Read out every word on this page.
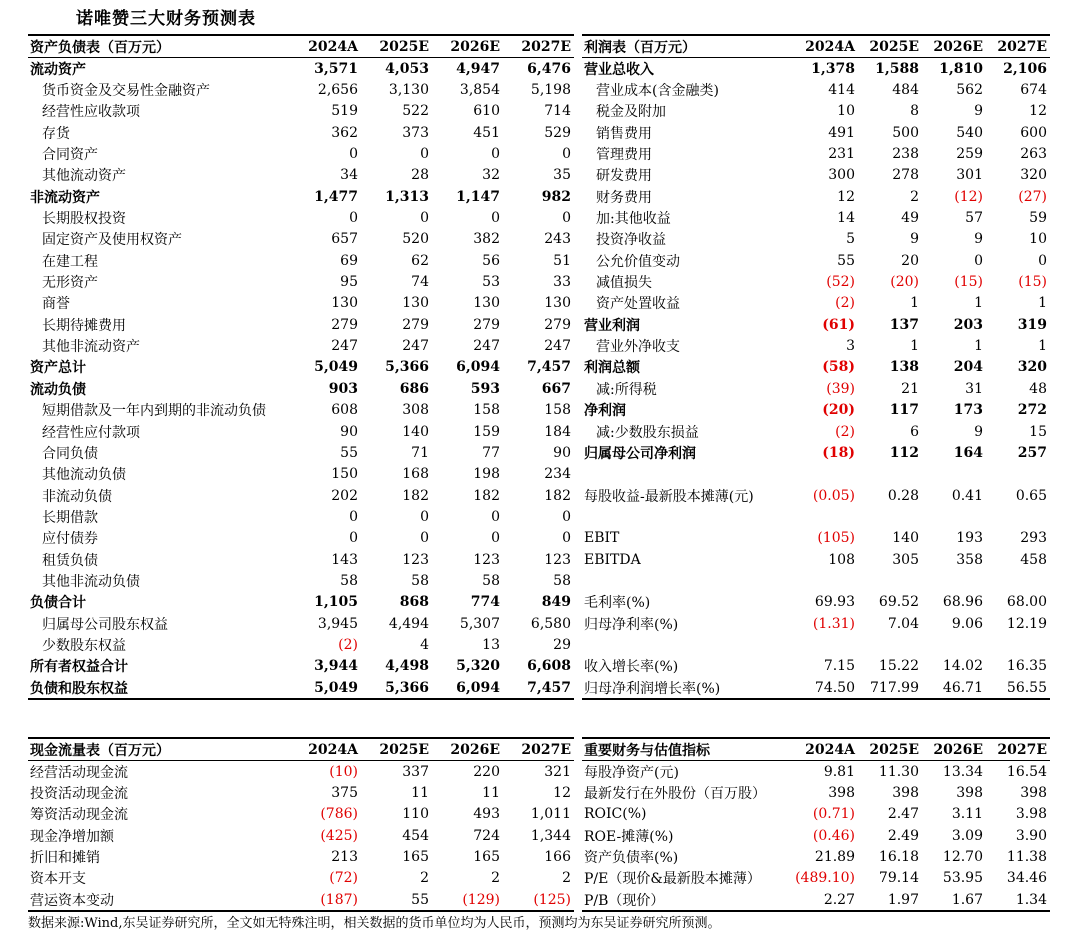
诺唯赞三大财务预测表
资产负债表（百万元）	2024A	2025E	2026E	2027E
流动资产	3,571	4,053	4,947	6,476
货币资金及交易性金融资产	2,656	3,130	3,854	5,198
经营性应收款项	519	522	610	714
存货	362	373	451	529
合同资产	0	0	0	0
其他流动资产	34	28	32	35
非流动资产	1,477	1,313	1,147	982
长期股权投资	0	0	0	0
固定资产及使用权资产	657	520	382	243
在建工程	69	62	56	51
无形资产	95	74	53	33
商誉	130	130	130	130
长期待摊费用	279	279	279	279
其他非流动资产	247	247	247	247
资产总计	5,049	5,366	6,094	7,457
流动负债	903	686	593	667
短期借款及一年内到期的非流动负债	608	308	158	158
经营性应付款项	90	140	159	184
合同负债	55	71	77	90
其他流动负债	150	168	198	234
非流动负债	202	182	182	182
长期借款	0	0	0	0
应付债券	0	0	0	0
租赁负债	143	123	123	123
其他非流动负债	58	58	58	58
负债合计	1,105	868	774	849
归属母公司股东权益	3,945	4,494	5,307	6,580
少数股东权益	(2)	4	13	29
所有者权益合计	3,944	4,498	5,320	6,608
负债和股东权益	5,049	5,366	6,094	7,457
利润表（百万元）	2024A	2025E	2026E	2027E
营业总收入	1,378	1,588	1,810	2,106
营业成本(含金融类)	414	484	562	674
税金及附加	10	8	9	12
销售费用	491	500	540	600
管理费用	231	238	259	263
研发费用	300	278	301	320
财务费用	12	2	(12)	(27)
加:其他收益	14	49	57	59
投资净收益	5	9	9	10
公允价值变动	55	20	0	0
减值损失	(52)	(20)	(15)	(15)
资产处置收益	(2)	1	1	1
营业利润	(61)	137	203	319
营业外净收支	3	1	1	1
利润总额	(58)	138	204	320
减:所得税	(39)	21	31	48
净利润	(20)	117	173	272
减:少数股东损益	(2)	6	9	15
归属母公司净利润	(18)	112	164	257

每股收益-最新股本摊薄(元)	(0.05)	0.28	0.41	0.65

EBIT	(105)	140	193	293
EBITDA	108	305	358	458

毛利率(%)	69.93	69.52	68.96	68.00
归母净利率(%)	(1.31)	7.04	9.06	12.19

收入增长率(%)	7.15	15.22	14.02	16.35
归母净利润增长率(%)	74.50	717.99	46.71	56.55
现金流量表（百万元）	2024A	2025E	2026E	2027E
经营活动现金流	(10)	337	220	321
投资活动现金流	375	11	11	12
筹资活动现金流	(786)	110	493	1,011
现金净增加额	(425)	454	724	1,344
折旧和摊销	213	165	165	166
资本开支	(72)	2	2	2
营运资本变动	(187)	55	(129)	(125)
重要财务与估值指标	2024A	2025E	2026E	2027E
每股净资产(元)	9.81	11.30	13.34	16.54
最新发行在外股份（百万股）	398	398	398	398
ROIC(%)	(0.71)	2.47	3.11	3.98
ROE-摊薄(%)	(0.46)	2.49	3.09	3.90
资产负债率(%)	21.89	16.18	12.70	11.38
P/E（现价&最新股本摊薄）	(489.10)	79.14	53.95	34.46
P/B（现价）	2.27	1.97	1.67	1.34
数据来源:Wind,东吴证券研究所，全文如无特殊注明，相关数据的货币单位均为人民币，预测均为东吴证券研究所预测。
